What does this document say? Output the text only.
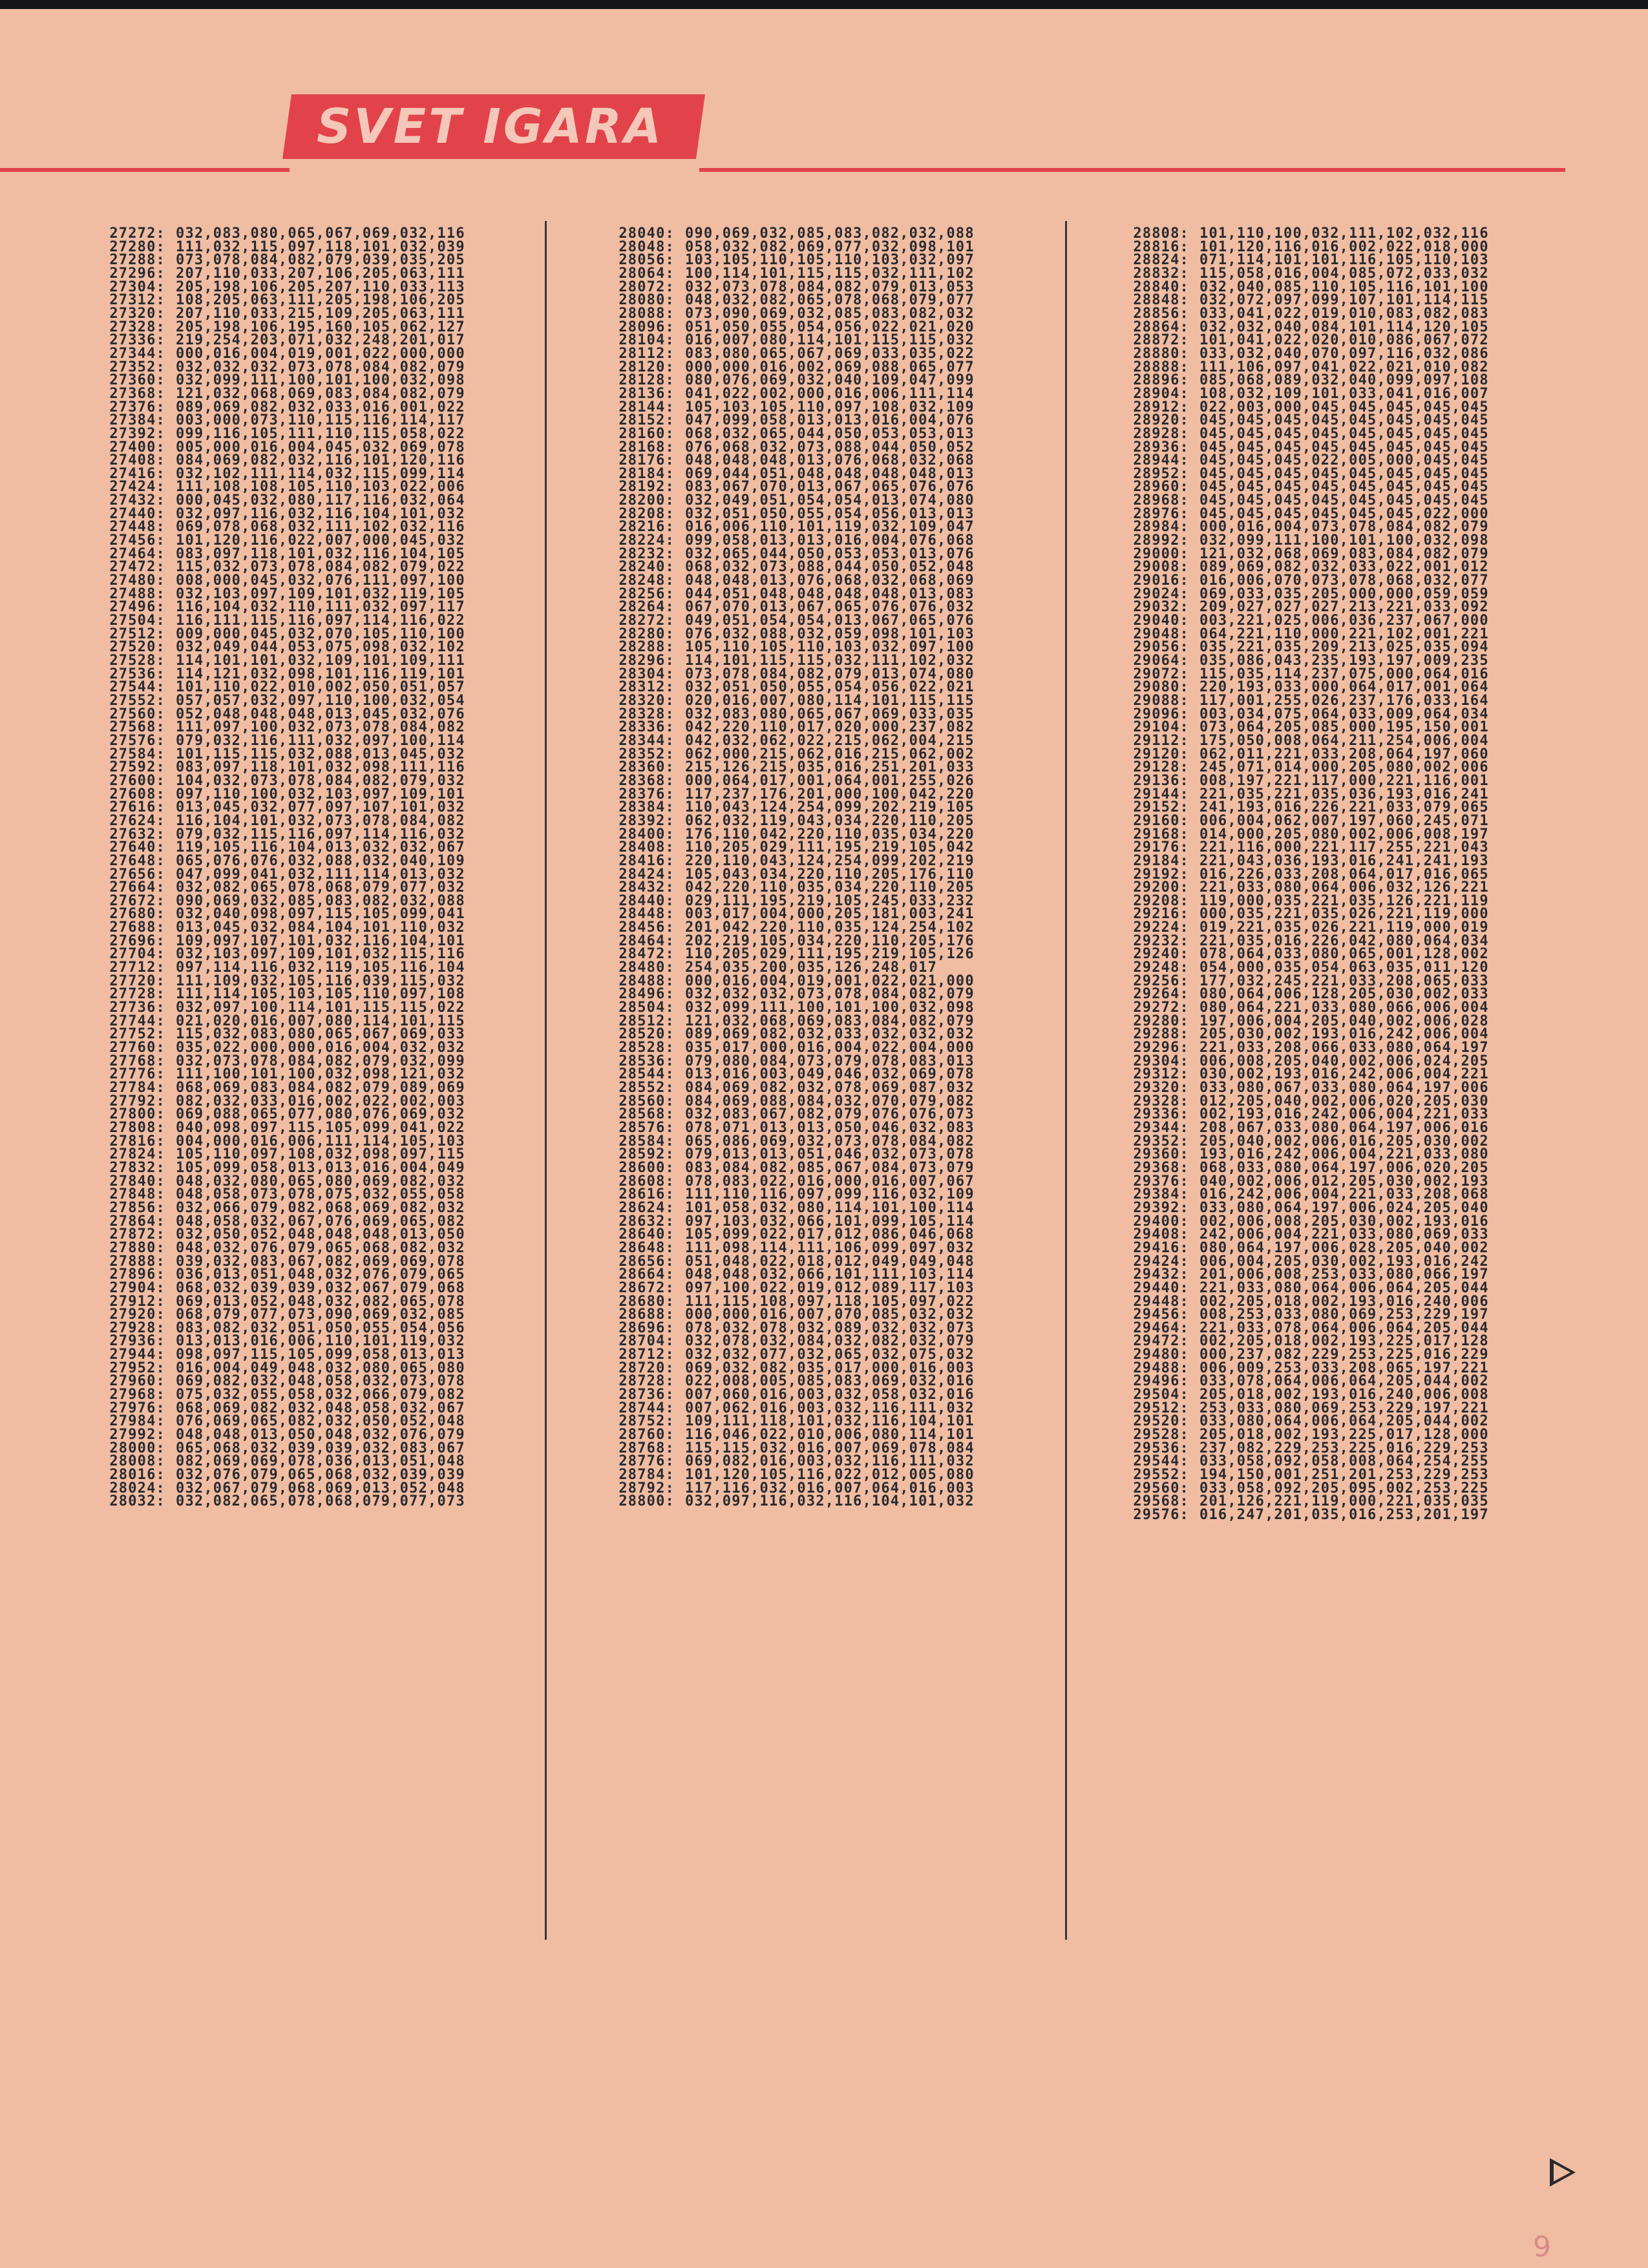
SVET IGARA
27272: 032,083,080,065,067,069,032,116
27280: 111,032,115,097,118,101,032,039
27288: 073,078,084,082,079,039,035,205
27296: 207,110,033,207,106,205,063,111
27304: 205,198,106,205,207,110,033,113
27312: 108,205,063,111,205,198,106,205
27320: 207,110,033,215,109,205,063,111
27328: 205,198,106,195,160,105,062,127
27336: 219,254,203,071,032,248,201,017
27344: 000,016,004,019,001,022,000,000
27352: 032,032,032,073,078,084,082,079
27360: 032,099,111,100,101,100,032,098
27368: 121,032,068,069,083,084,082,079
27376: 089,069,082,032,033,016,001,022
27384: 003,000,073,110,115,116,114,117
27392: 099,116,105,111,110,115,058,022
27400: 005,000,016,004,045,032,069,078
27408: 084,069,082,032,116,101,120,116
27416: 032,102,111,114,032,115,099,114
27424: 111,108,108,105,110,103,022,006
27432: 000,045,032,080,117,116,032,064
27440: 032,097,116,032,116,104,101,032
27448: 069,078,068,032,111,102,032,116
27456: 101,120,116,022,007,000,045,032
27464: 083,097,118,101,032,116,104,105
27472: 115,032,073,078,084,082,079,022
27480: 008,000,045,032,076,111,097,100
27488: 032,103,097,109,101,032,119,105
27496: 116,104,032,110,111,032,097,117
27504: 116,111,115,116,097,114,116,022
27512: 009,000,045,032,070,105,110,100
27520: 032,049,044,053,075,098,032,102
27528: 114,101,101,032,109,101,109,111
27536: 114,121,032,098,101,116,119,101
27544: 101,110,022,010,002,050,051,057
27552: 057,057,032,097,110,100,032,054
27560: 052,048,048,048,013,045,032,076
27568: 111,097,100,032,073,078,084,082
27576: 079,032,116,111,032,097,100,114
27584: 101,115,115,032,088,013,045,032
27592: 083,097,118,101,032,098,111,116
27600: 104,032,073,078,084,082,079,032
27608: 097,110,100,032,103,097,109,101
27616: 013,045,032,077,097,107,101,032
27624: 116,104,101,032,073,078,084,082
27632: 079,032,115,116,097,114,116,032
27640: 119,105,116,104,013,032,032,067
27648: 065,076,076,032,088,032,040,109
27656: 047,099,041,032,111,114,013,032
27664: 032,082,065,078,068,079,077,032
27672: 090,069,032,085,083,082,032,088
27680: 032,040,098,097,115,105,099,041
27688: 013,045,032,084,104,101,110,032
27696: 109,097,107,101,032,116,104,101
27704: 032,103,097,109,101,032,115,116
27712: 097,114,116,032,119,105,116,104
27720: 111,109,032,105,116,039,115,032
27728: 111,114,105,103,105,110,097,108
27736: 032,097,100,114,101,115,115,022
27744: 021,020,016,007,080,114,101,115
27752: 115,032,083,080,065,067,069,033
27760: 035,022,000,000,016,004,032,032
27768: 032,073,078,084,082,079,032,099
27776: 111,100,101,100,032,098,121,032
27784: 068,069,083,084,082,079,089,069
27792: 082,032,033,016,002,022,002,003
27800: 069,088,065,077,080,076,069,032
27808: 040,098,097,115,105,099,041,022
27816: 004,000,016,006,111,114,105,103
27824: 105,110,097,108,032,098,097,115
27832: 105,099,058,013,013,016,004,049
27840: 048,032,080,065,080,069,082,032
27848: 048,058,073,078,075,032,055,058
27856: 032,066,079,082,068,069,082,032
27864: 048,058,032,067,076,069,065,082
27872: 032,050,052,048,048,048,013,050
27880: 048,032,076,079,065,068,082,032
27888: 039,032,083,067,082,069,069,078
27896: 036,013,051,048,032,076,079,065
27904: 068,032,039,039,032,067,079,068
27912: 069,013,052,048,032,082,065,078
27920: 068,079,077,073,090,069,032,085
27928: 083,082,032,051,050,055,054,056
27936: 013,013,016,006,110,101,119,032
27944: 098,097,115,105,099,058,013,013
27952: 016,004,049,048,032,080,065,080
27960: 069,082,032,048,058,032,073,078
27968: 075,032,055,058,032,066,079,082
27976: 068,069,082,032,048,058,032,067
27984: 076,069,065,082,032,050,052,048
27992: 048,048,013,050,048,032,076,079
28000: 065,068,032,039,039,032,083,067
28008: 082,069,069,078,036,013,051,048
28016: 032,076,079,065,068,032,039,039
28024: 032,067,079,068,069,013,052,048
28032: 032,082,065,078,068,079,077,073
28040: 090,069,032,085,083,082,032,088
28048: 058,032,082,069,077,032,098,101
28056: 103,105,110,105,110,103,032,097
28064: 100,114,101,115,115,032,111,102
28072: 032,073,078,084,082,079,013,053
28080: 048,032,082,065,078,068,079,077
28088: 073,090,069,032,085,083,082,032
28096: 051,050,055,054,056,022,021,020
28104: 016,007,080,114,101,115,115,032
28112: 083,080,065,067,069,033,035,022
28120: 000,000,016,002,069,088,065,077
28128: 080,076,069,032,040,109,047,099
28136: 041,022,002,000,016,006,111,114
28144: 105,103,105,110,097,108,032,109
28152: 047,099,058,013,013,016,004,076
28160: 068,032,065,044,050,053,053,013
28168: 076,068,032,073,088,044,050,052
28176: 048,048,048,013,076,068,032,068
28184: 069,044,051,048,048,048,048,013
28192: 083,067,070,013,067,065,076,076
28200: 032,049,051,054,054,013,074,080
28208: 032,051,050,055,054,056,013,013
28216: 016,006,110,101,119,032,109,047
28224: 099,058,013,013,016,004,076,068
28232: 032,065,044,050,053,053,013,076
28240: 068,032,073,088,044,050,052,048
28248: 048,048,013,076,068,032,068,069
28256: 044,051,048,048,048,048,013,083
28264: 067,070,013,067,065,076,076,032
28272: 049,051,054,054,013,067,065,076
28280: 076,032,088,032,059,098,101,103
28288: 105,110,105,110,103,032,097,100
28296: 114,101,115,115,032,111,102,032
28304: 073,078,084,082,079,013,074,080
28312: 032,051,050,055,054,056,022,021
28320: 020,016,007,080,114,101,115,115
28328: 032,083,080,065,067,069,033,035
28336: 042,220,110,017,020,000,237,082
28344: 042,032,062,022,215,062,004,215
28352: 062,000,215,062,016,215,062,002
28360: 215,126,215,035,016,251,201,033
28368: 000,064,017,001,064,001,255,026
28376: 117,237,176,201,000,100,042,220
28384: 110,043,124,254,099,202,219,105
28392: 062,032,119,043,034,220,110,205
28400: 176,110,042,220,110,035,034,220
28408: 110,205,029,111,195,219,105,042
28416: 220,110,043,124,254,099,202,219
28424: 105,043,034,220,110,205,176,110
28432: 042,220,110,035,034,220,110,205
28440: 029,111,195,219,105,245,033,232
28448: 003,017,004,000,205,181,003,241
28456: 201,042,220,110,035,124,254,102
28464: 202,219,105,034,220,110,205,176
28472: 110,205,029,111,195,219,105,126
28480: 254,035,200,035,126,248,017
28488: 000,016,004,019,001,022,021,000
28496: 032,032,032,073,078,084,082,079
28504: 032,099,111,100,101,100,032,098
28512: 121,032,068,069,083,084,082,079
28520: 089,069,082,032,033,032,032,032
28528: 035,017,000,016,004,022,004,000
28536: 079,080,084,073,079,078,083,013
28544: 013,016,003,049,046,032,069,078
28552: 084,069,082,032,078,069,087,032
28560: 084,069,088,084,032,070,079,082
28568: 032,083,067,082,079,076,076,073
28576: 078,071,013,013,050,046,032,083
28584: 065,086,069,032,073,078,084,082
28592: 079,013,013,051,046,032,073,078
28600: 083,084,082,085,067,084,073,079
28608: 078,083,022,016,000,016,007,067
28616: 111,110,116,097,099,116,032,109
28624: 101,058,032,080,114,101,100,114
28632: 097,103,032,066,101,099,105,114
28640: 105,099,022,017,012,086,046,068
28648: 111,098,114,111,106,099,097,032
28656: 051,048,022,018,012,049,049,048
28664: 048,048,032,066,101,111,103,114
28672: 097,100,022,019,012,089,117,103
28680: 111,115,108,097,118,105,097,022
28688: 000,000,016,007,070,085,032,032
28696: 078,032,078,032,089,032,032,073
28704: 032,078,032,084,032,082,032,079
28712: 032,032,077,032,065,032,075,032
28720: 069,032,082,035,017,000,016,003
28728: 022,008,005,085,083,069,032,016
28736: 007,060,016,003,032,058,032,016
28744: 007,062,016,003,032,116,111,032
28752: 109,111,118,101,032,116,104,101
28760: 116,046,022,010,006,080,114,101
28768: 115,115,032,016,007,069,078,084
28776: 069,082,016,003,032,116,111,032
28784: 101,120,105,116,022,012,005,080
28792: 117,116,032,016,007,064,016,003
28800: 032,097,116,032,116,104,101,032
28808: 101,110,100,032,111,102,032,116
28816: 101,120,116,016,002,022,018,000
28824: 071,114,101,101,116,105,110,103
28832: 115,058,016,004,085,072,033,032
28840: 032,040,085,110,105,116,101,100
28848: 032,072,097,099,107,101,114,115
28856: 033,041,022,019,010,083,082,083
28864: 032,032,040,084,101,114,120,105
28872: 101,041,022,020,010,086,067,072
28880: 033,032,040,070,097,116,032,086
28888: 111,106,097,041,022,021,010,082
28896: 085,068,089,032,040,099,097,108
28904: 108,032,109,101,033,041,016,007
28912: 022,003,000,045,045,045,045,045
28920: 045,045,045,045,045,045,045,045
28928: 045,045,045,045,045,045,045,045
28936: 045,045,045,045,045,045,045,045
28944: 045,045,045,022,005,000,045,045
28952: 045,045,045,045,045,045,045,045
28960: 045,045,045,045,045,045,045,045
28968: 045,045,045,045,045,045,045,045
28976: 045,045,045,045,045,045,022,000
28984: 000,016,004,073,078,084,082,079
28992: 032,099,111,100,101,100,032,098
29000: 121,032,068,069,083,084,082,079
29008: 089,069,082,032,033,022,001,012
29016: 016,006,070,073,078,068,032,077
29024: 069,033,035,205,000,000,059,059
29032: 209,027,027,027,213,221,033,092
29040: 003,221,025,006,036,237,067,000
29048: 064,221,110,000,221,102,001,221
29056: 035,221,035,209,213,025,035,094
29064: 035,086,043,235,193,197,009,235
29072: 115,035,114,237,075,000,064,016
29080: 220,193,033,000,064,017,001,064
29088: 117,001,255,026,237,176,033,164
29096: 003,034,075,064,033,009,064,034
29104: 073,064,205,085,000,195,150,001
29112: 175,050,008,064,211,254,006,004
29120: 062,011,221,033,208,064,197,060
29128: 245,071,014,000,205,080,002,006
29136: 008,197,221,117,000,221,116,001
29144: 221,035,221,035,036,193,016,241
29152: 241,193,016,226,221,033,079,065
29160: 006,004,062,007,197,060,245,071
29168: 014,000,205,080,002,006,008,197
29176: 221,116,000,221,117,255,221,043
29184: 221,043,036,193,016,241,241,193
29192: 016,226,033,208,064,017,016,065
29200: 221,033,080,064,006,032,126,221
29208: 119,000,035,221,035,126,221,119
29216: 000,035,221,035,026,221,119,000
29224: 019,221,035,026,221,119,000,019
29232: 221,035,016,226,042,080,064,034
29240: 078,064,033,080,065,001,128,002
29248: 054,000,035,054,063,035,011,120
29256: 177,032,245,221,033,208,065,033
29264: 080,064,006,128,205,030,002,033
29272: 080,064,221,033,080,066,006,004
29280: 197,006,004,205,040,002,006,028
29288: 205,030,002,193,016,242,006,004
29296: 221,033,208,066,033,080,064,197
29304: 006,008,205,040,002,006,024,205
29312: 030,002,193,016,242,006,004,221
29320: 033,080,067,033,080,064,197,006
29328: 012,205,040,002,006,020,205,030
29336: 002,193,016,242,006,004,221,033
29344: 208,067,033,080,064,197,006,016
29352: 205,040,002,006,016,205,030,002
29360: 193,016,242,006,004,221,033,080
29368: 068,033,080,064,197,006,020,205
29376: 040,002,006,012,205,030,002,193
29384: 016,242,006,004,221,033,208,068
29392: 033,080,064,197,006,024,205,040
29400: 002,006,008,205,030,002,193,016
29408: 242,006,004,221,033,080,069,033
29416: 080,064,197,006,028,205,040,002
29424: 006,004,205,030,002,193,016,242
29432: 201,006,008,253,033,080,066,197
29440: 221,033,080,064,006,064,205,044
29448: 002,205,018,002,193,016,240,006
29456: 008,253,033,080,069,253,229,197
29464: 221,033,078,064,006,064,205,044
29472: 002,205,018,002,193,225,017,128
29480: 000,237,082,229,253,225,016,229
29488: 006,009,253,033,208,065,197,221
29496: 033,078,064,006,064,205,044,002
29504: 205,018,002,193,016,240,006,008
29512: 253,033,080,069,253,229,197,221
29520: 033,080,064,006,064,205,044,002
29528: 205,018,002,193,225,017,128,000
29536: 237,082,229,253,225,016,229,253
29544: 033,058,092,058,008,064,254,255
29552: 194,150,001,251,201,253,229,253
29560: 033,058,092,205,095,002,253,225
29568: 201,126,221,119,000,221,035,035
29576: 016,247,201,035,016,253,201,197
9
